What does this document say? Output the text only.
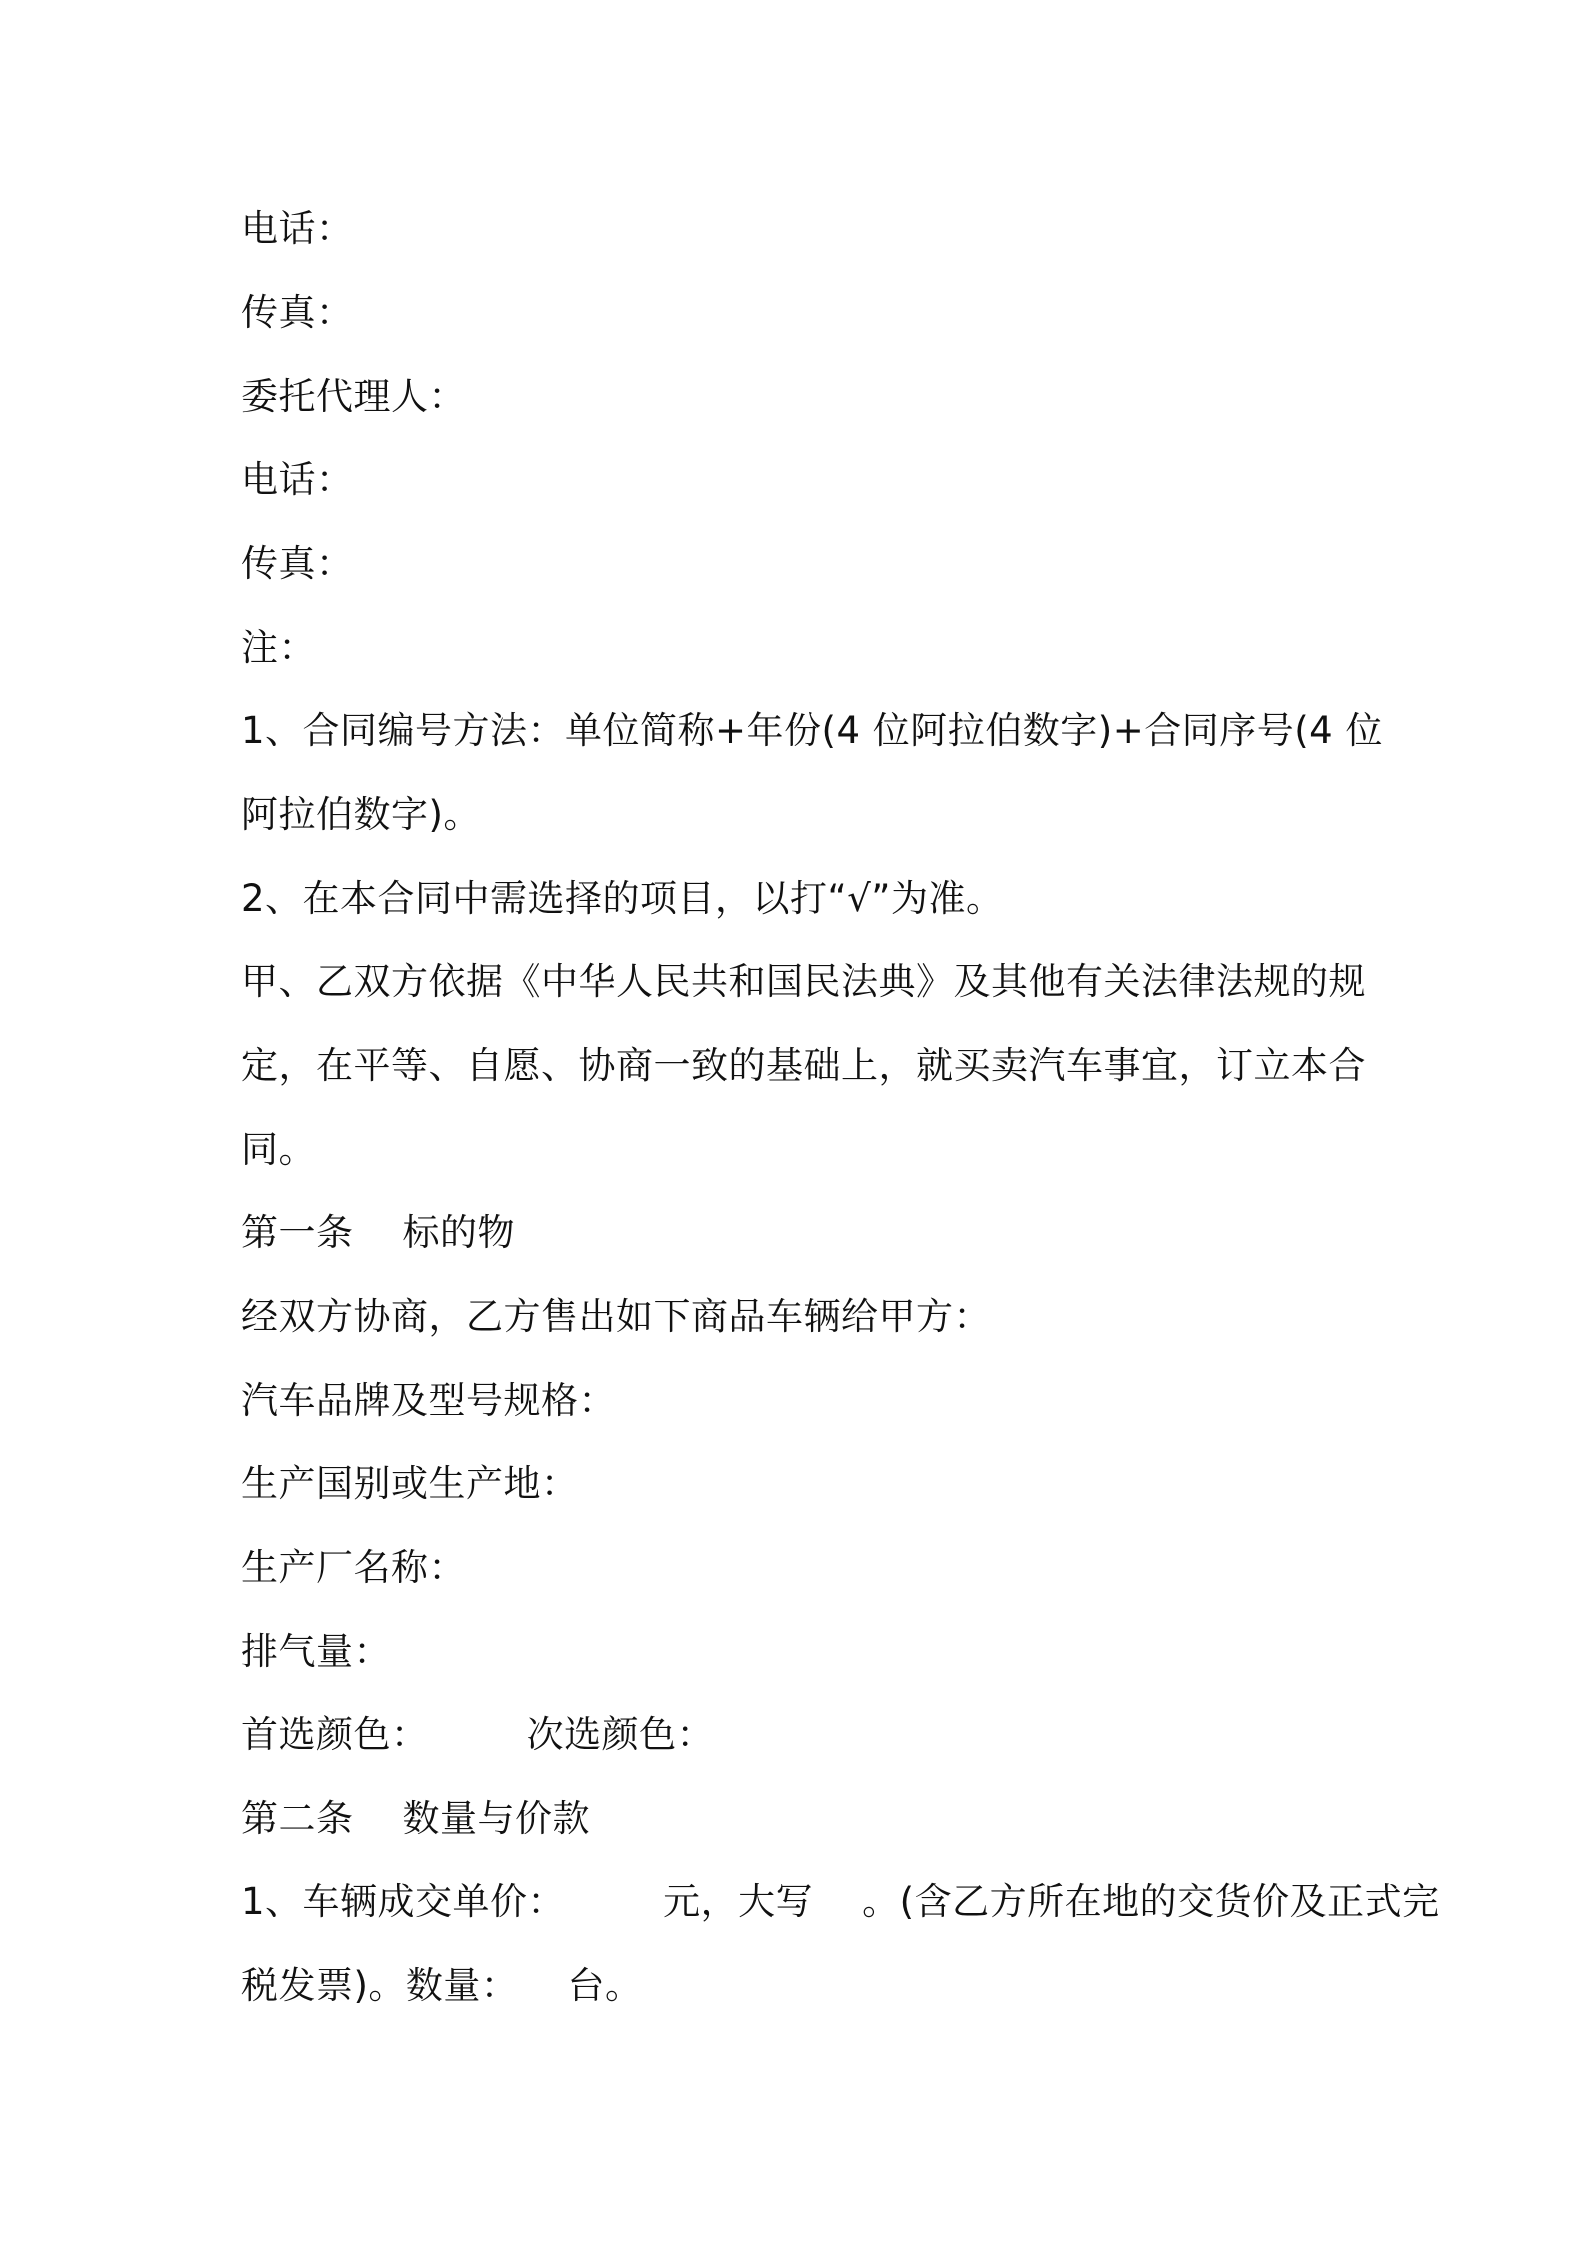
电话：
传真：
委托代理人：
电话：
传真：
注：
1、合同编号方法：单位简称+年份(4 位阿拉伯数字)+合同序号(4 位
阿拉伯数字)。
2、在本合同中需选择的项目，以打“√”为准。
甲、乙双方依据《中华人民共和国民法典》及其他有关法律法规的规
定，在平等、自愿、协商一致的基础上，就买卖汽车事宜，订立本合
同。
第一条    标的物
经双方协商，乙方售出如下商品车辆给甲方：
汽车品牌及型号规格：
生产国别或生产地：
生产厂名称：
排气量：
首选颜色：        次选颜色：
第二条    数量与价款
1、车辆成交单价：        元，大写    。(含乙方所在地的交货价及正式完
税发票)。数量：    台。
